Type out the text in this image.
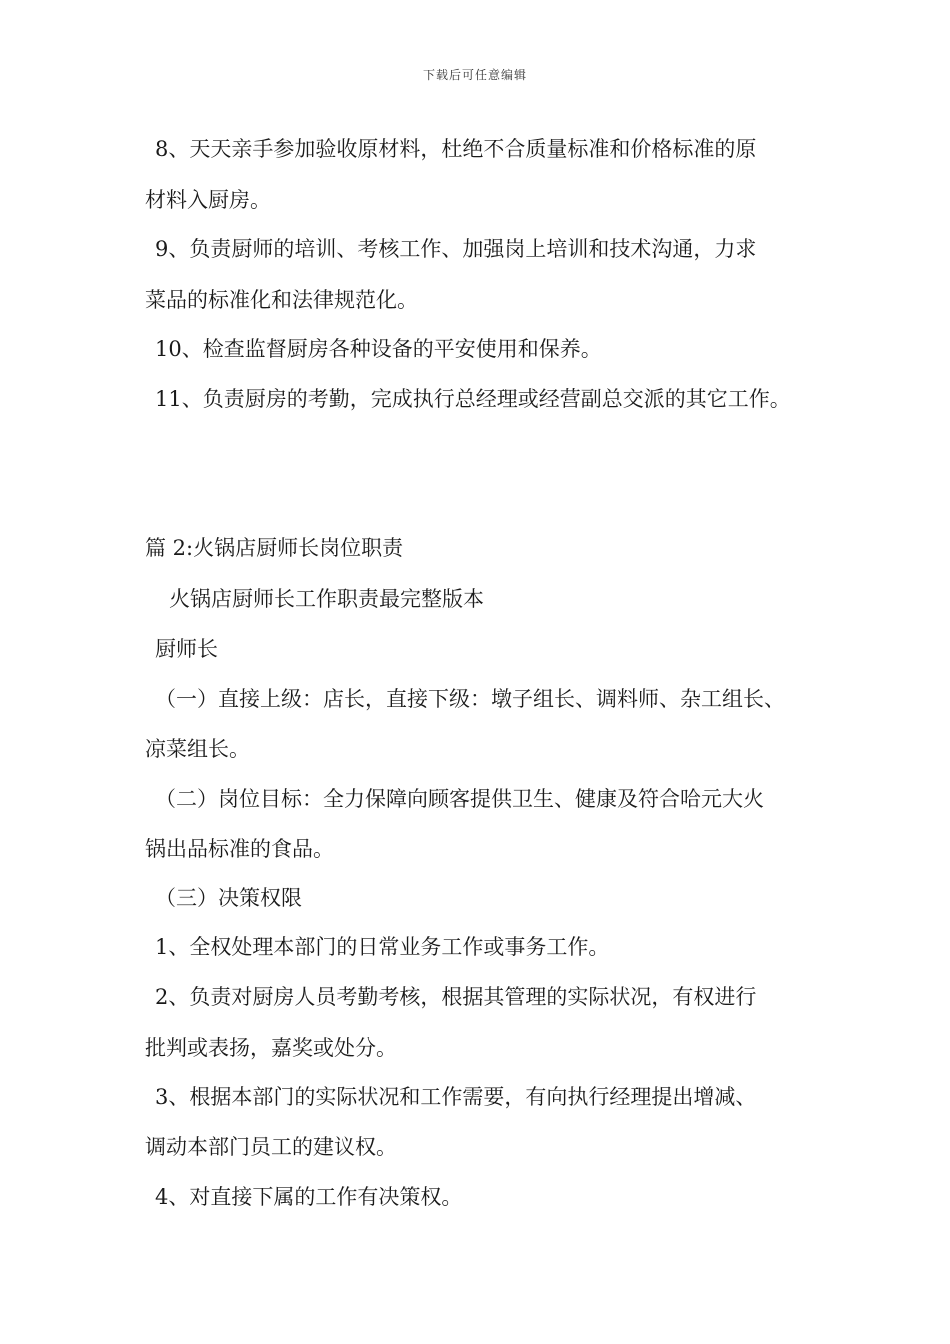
下载后可任意编辑
8、天天亲手参加验收原材料，杜绝不合质量标准和价格标准的原
材料入厨房。
9、负责厨师的培训、考核工作、加强岗上培训和技术沟通，力求
菜品的标准化和法律规范化。
10、检查监督厨房各种设备的平安使用和保养。
11、负责厨房的考勤，完成执行总经理或经营副总交派的其它工作。
篇 2:火锅店厨师长岗位职责
火锅店厨师长工作职责最完整版本
厨师长
（一）直接上级：店长，直接下级：墩子组长、调料师、杂工组长、
凉菜组长。
（二）岗位目标：全力保障向顾客提供卫生、健康及符合哈元大火
锅出品标准的食品。
（三）决策权限
1、全权处理本部门的日常业务工作或事务工作。
2、负责对厨房人员考勤考核，根据其管理的实际状况，有权进行
批判或表扬，嘉奖或处分。
3、根据本部门的实际状况和工作需要，有向执行经理提出增减、
调动本部门员工的建议权。
4、对直接下属的工作有决策权。
